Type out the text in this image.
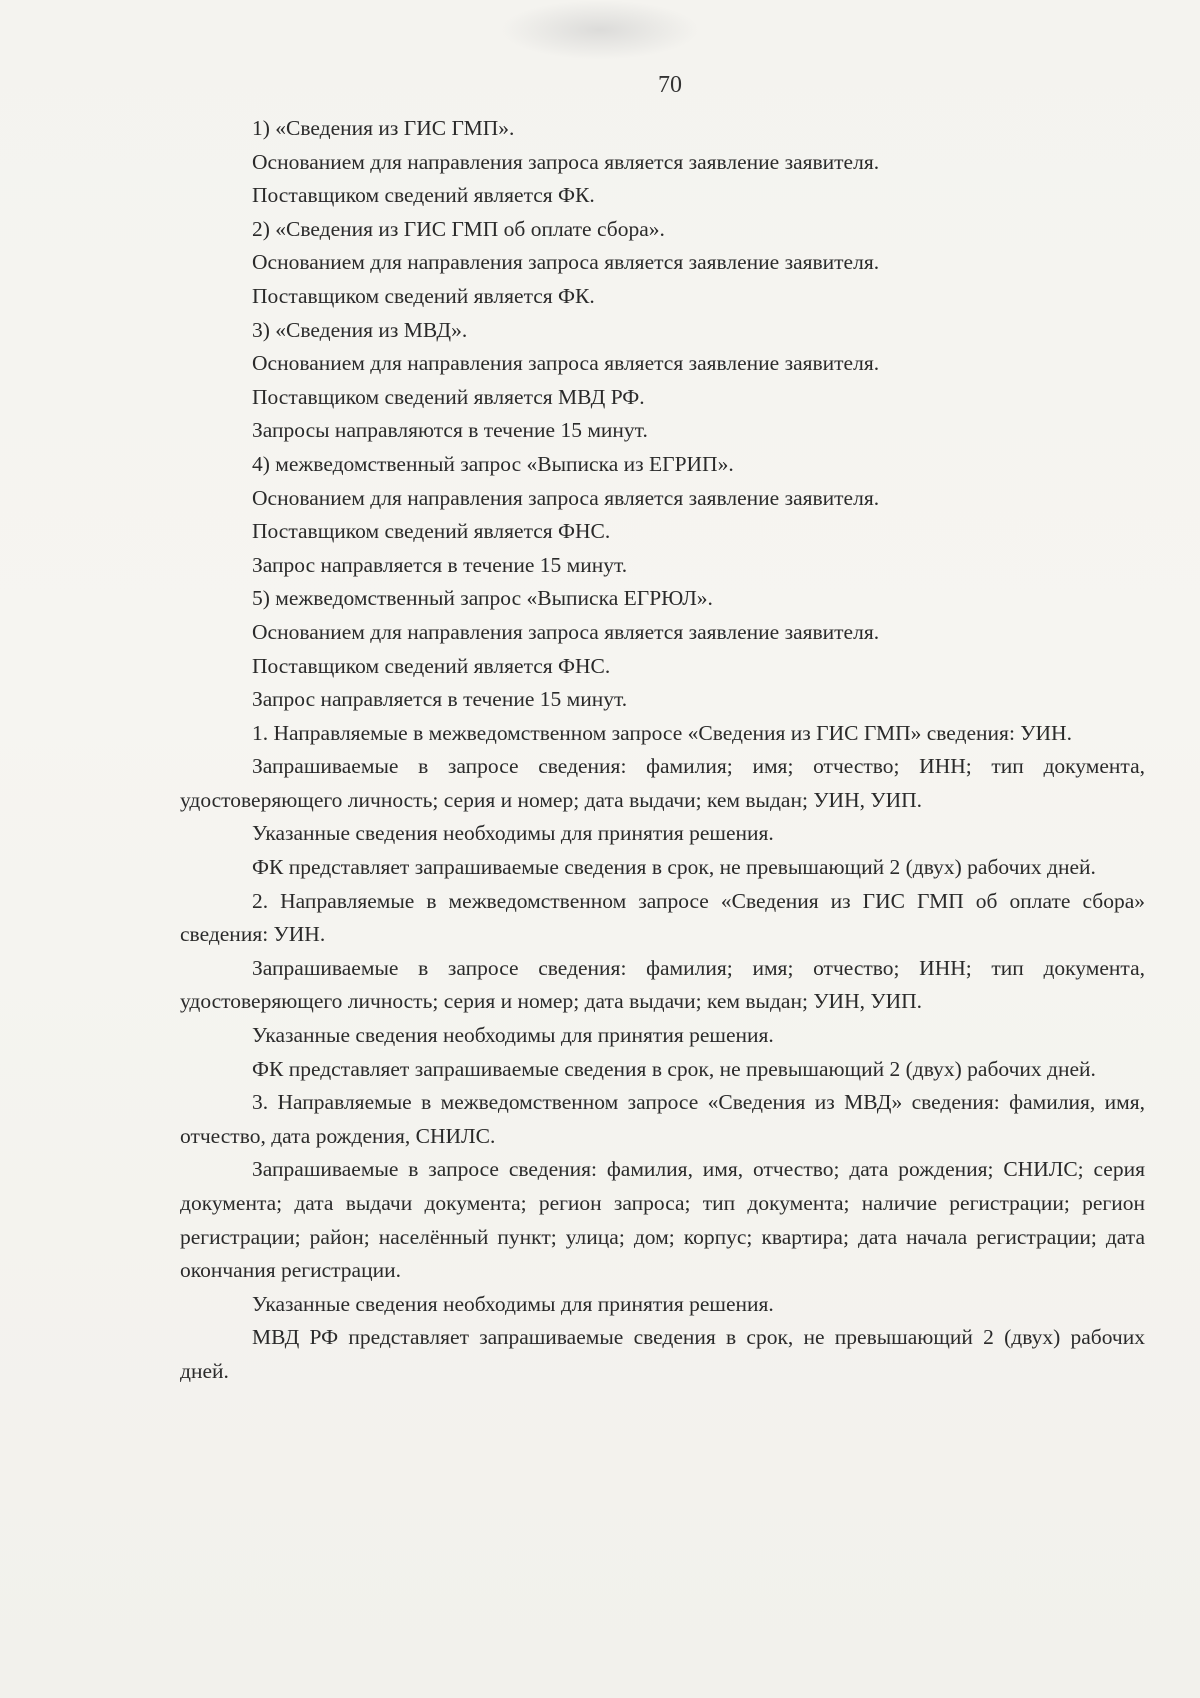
70

1) «Сведения из ГИС ГМП».

Основанием для направления запроса является заявление заявителя.

Поставщиком сведений является ФК.

2) «Сведения из ГИС ГМП об оплате сбора».

Основанием для направления запроса является заявление заявителя.

Поставщиком сведений является ФК.

3) «Сведения из МВД».

Основанием для направления запроса является заявление заявителя.

Поставщиком сведений является МВД РФ.

Запросы направляются в течение 15 минут.

4) межведомственный запрос «Выписка из ЕГРИП».

Основанием для направления запроса является заявление заявителя.

Поставщиком сведений является ФНС.

Запрос направляется в течение 15 минут.

5) межведомственный запрос «Выписка ЕГРЮЛ».

Основанием для направления запроса является заявление заявителя.

Поставщиком сведений является ФНС.

Запрос направляется в течение 15 минут.

1. Направляемые в межведомственном запросе «Сведения из ГИС ГМП» сведения: УИН.

Запрашиваемые в запросе сведения: фамилия; имя; отчество; ИНН; тип документа, удостоверяющего личность; серия и номер; дата выдачи; кем выдан; УИН, УИП.

Указанные сведения необходимы для принятия решения.

ФК представляет запрашиваемые сведения в срок, не превышающий 2 (двух) рабочих дней.

2. Направляемые в межведомственном запросе «Сведения из ГИС ГМП об оплате сбора» сведения: УИН.

Запрашиваемые в запросе сведения: фамилия; имя; отчество; ИНН; тип документа, удостоверяющего личность; серия и номер; дата выдачи; кем выдан; УИН, УИП.

Указанные сведения необходимы для принятия решения.

ФК представляет запрашиваемые сведения в срок, не превышающий 2 (двух) рабочих дней.

3. Направляемые в межведомственном запросе «Сведения из МВД» сведения: фамилия, имя, отчество, дата рождения, СНИЛС.

Запрашиваемые в запросе сведения: фамилия, имя, отчество; дата рождения; СНИЛС; серия документа; дата выдачи документа; регион запроса; тип документа; наличие регистрации; регион регистрации; район; населённый пункт; улица; дом; корпус; квартира; дата начала регистрации; дата окончания регистрации.

Указанные сведения необходимы для принятия решения.

МВД РФ представляет запрашиваемые сведения в срок, не превышающий 2 (двух) рабочих дней.
